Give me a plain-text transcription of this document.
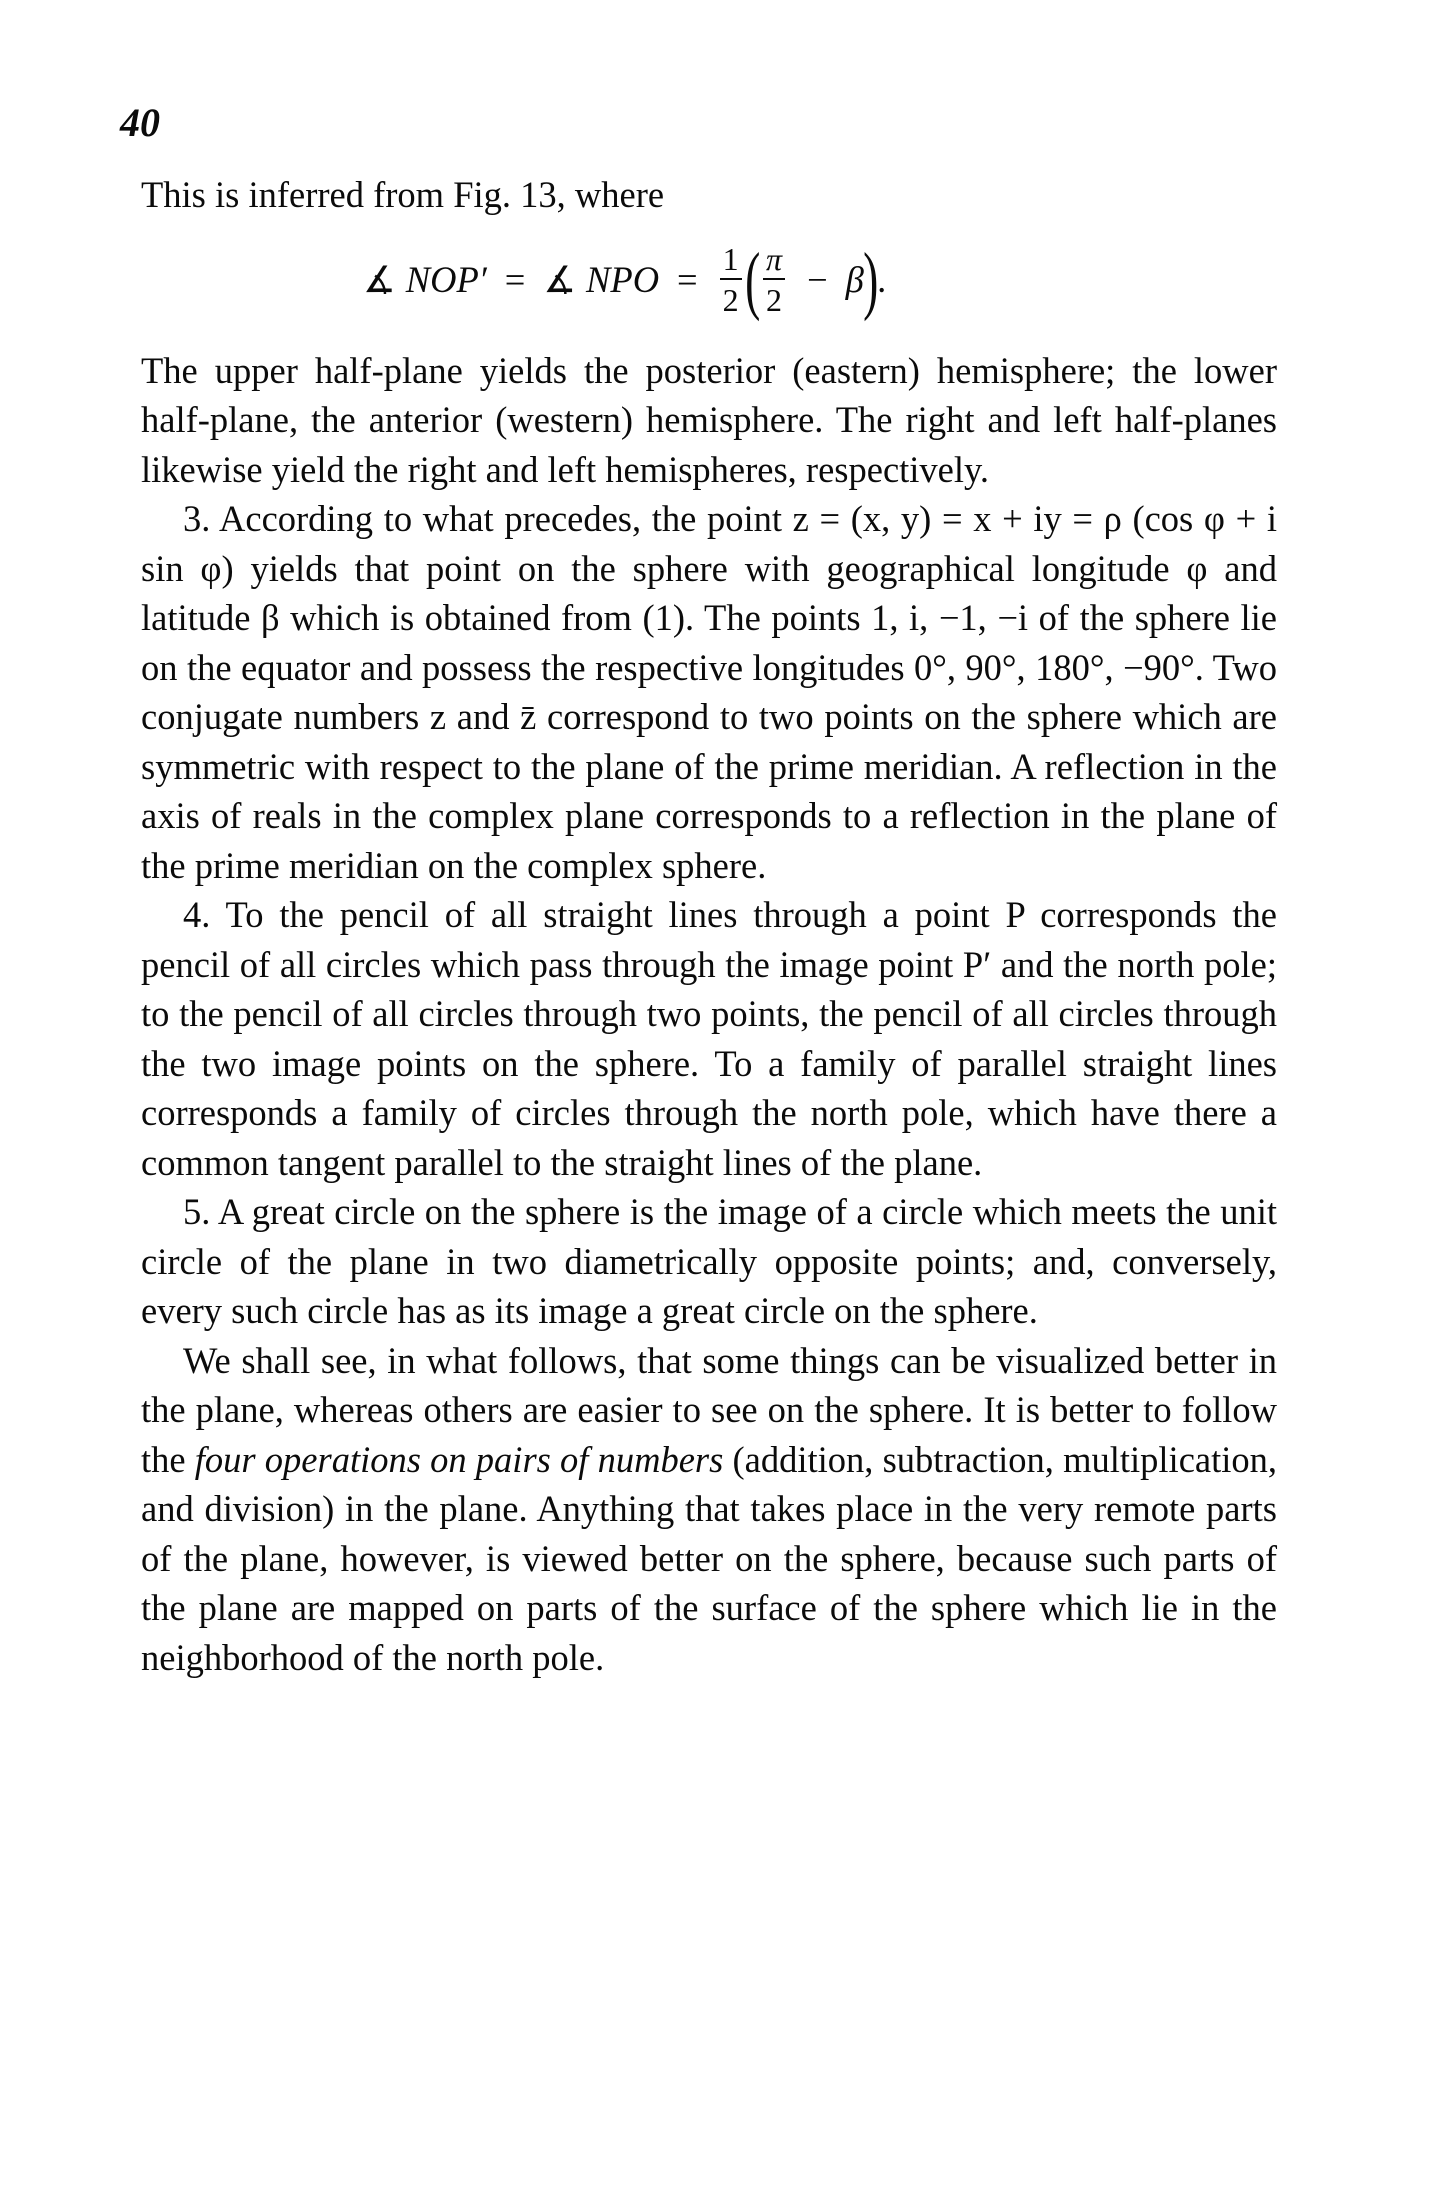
40

This is inferred from Fig. 13, where

∡ NOP′ = ∡ NPO = $\frac{1}{2}$ ( $\frac{\pi}{2} - \beta$ ) .

The upper half-plane yields the posterior (eastern) hemisphere; the lower half-plane, the anterior (western) hemisphere. The right and left half-planes likewise yield the right and left hemispheres, respectively.

3. According to what precedes, the point z = (x, y) = x + iy = ρ (cos φ + i sin φ) yields that point on the sphere with geographical longitude φ and latitude β which is obtained from (1). The points 1, i, −1, −i of the sphere lie on the equator and possess the respective longitudes 0°, 90°, 180°, −90°. Two conjugate numbers z and z̄ correspond to two points on the sphere which are symmetric with respect to the plane of the prime meridian. A reflection in the axis of reals in the complex plane corresponds to a reflection in the plane of the prime meridian on the complex sphere.

4. To the pencil of all straight lines through a point P corresponds the pencil of all circles which pass through the image point P′ and the north pole; to the pencil of all circles through two points, the pencil of all circles through the two image points on the sphere. To a family of parallel straight lines corresponds a family of circles through the north pole, which have there a common tangent parallel to the straight lines of the plane.

5. A great circle on the sphere is the image of a circle which meets the unit circle of the plane in two diametrically opposite points; and, conversely, every such circle has as its image a great circle on the sphere.

We shall see, in what follows, that some things can be visualized better in the plane, whereas others are easier to see on the sphere. It is better to follow the four operations on pairs of numbers (addition, subtraction, multiplication, and division) in the plane. Anything that takes place in the very remote parts of the plane, however, is viewed better on the sphere, because such parts of the plane are mapped on parts of the surface of the sphere which lie in the neighborhood of the north pole.
